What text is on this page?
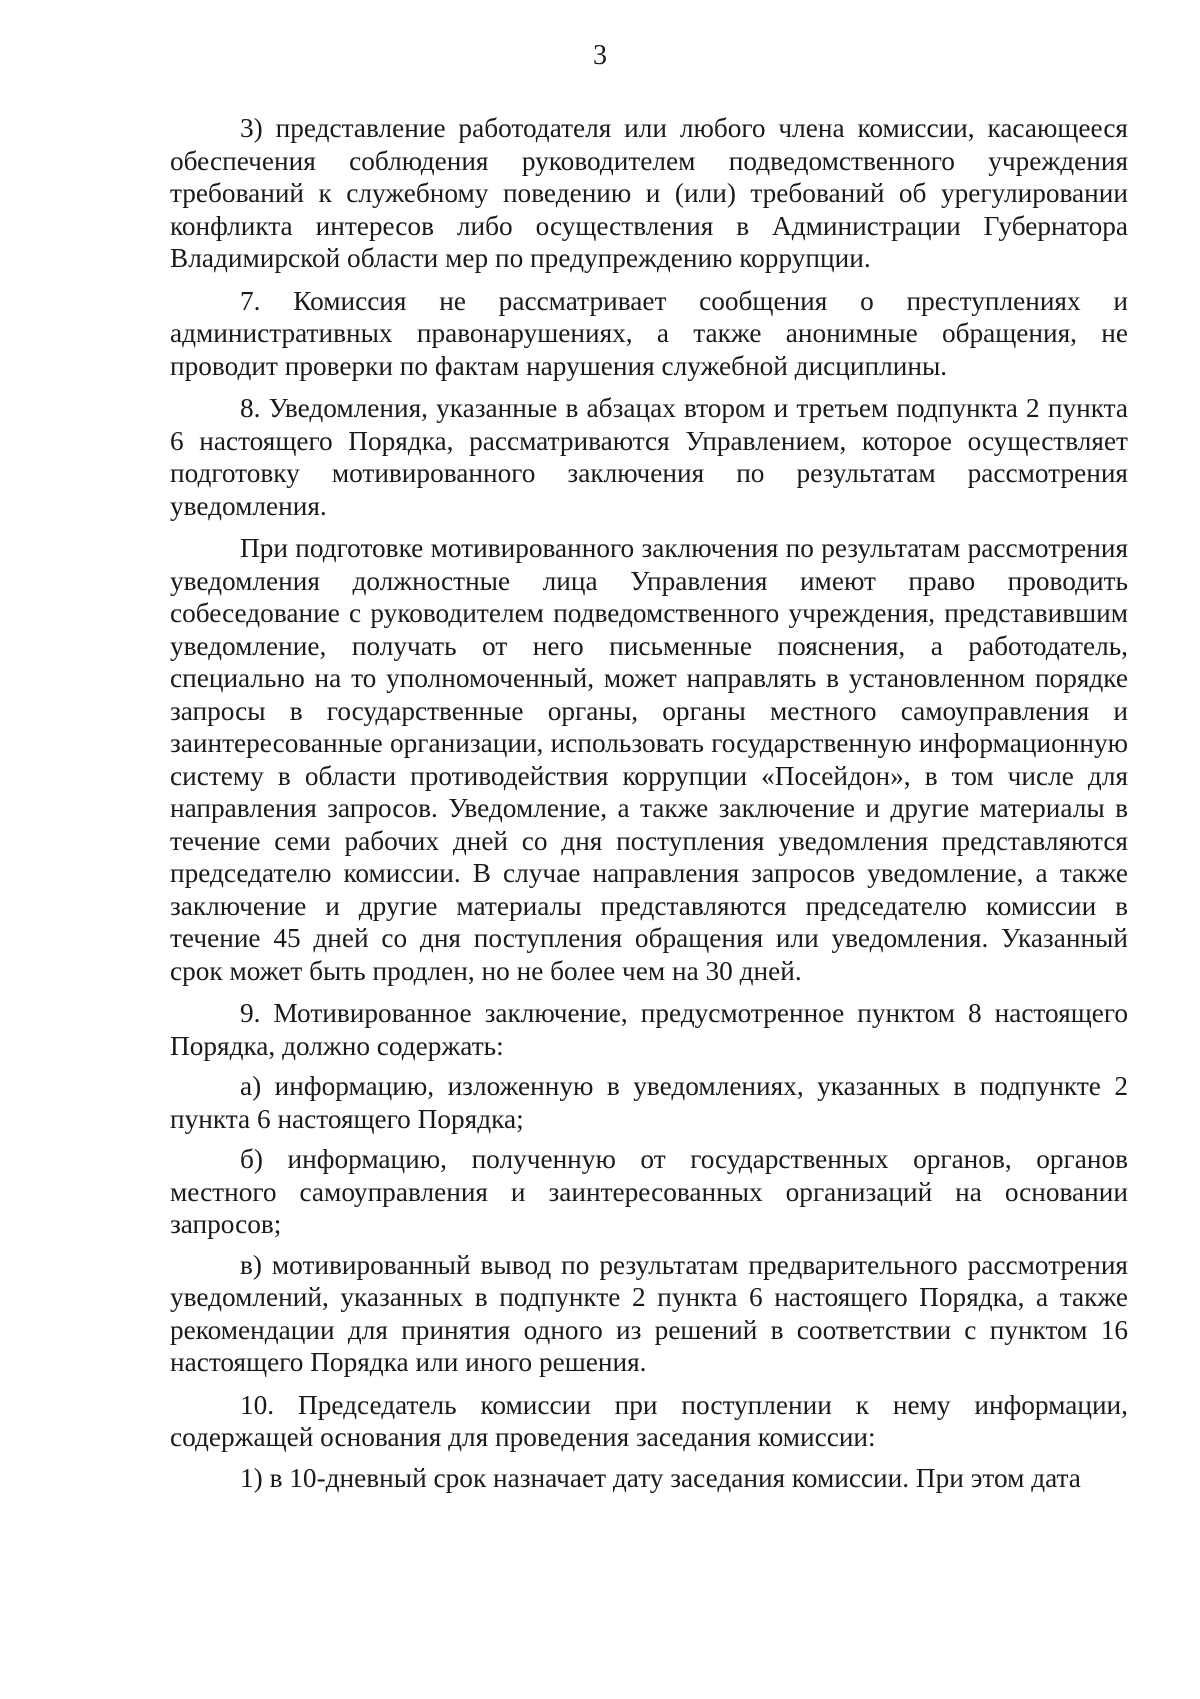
3

3) представление работодателя или любого члена комиссии, касающееся обеспечения соблюдения руководителем подведомственного учреждения требований к служебному поведению и (или) требований об урегулировании конфликта интересов либо осуществления в Администрации Губернатора Владимирской области мер по предупреждению коррупции.

7. Комиссия не рассматривает сообщения о преступлениях и административных правонарушениях, а также анонимные обращения, не проводит проверки по фактам нарушения служебной дисциплины.

8. Уведомления, указанные в абзацах втором и третьем подпункта 2 пункта 6 настоящего Порядка, рассматриваются Управлением, которое осуществляет подготовку мотивированного заключения по результатам рассмотрения уведомления.

При подготовке мотивированного заключения по результатам рассмотрения уведомления должностные лица Управления имеют право проводить собеседование с руководителем подведомственного учреждения, представившим уведомление, получать от него письменные пояснения, а работодатель, специально на то уполномоченный, может направлять в установленном порядке запросы в государственные органы, органы местного самоуправления и заинтересованные организации, использовать государственную информационную систему в области противодействия коррупции «Посейдон», в том числе для направления запросов. Уведомление, а также заключение и другие материалы в течение семи рабочих дней со дня поступления уведомления представляются председателю комиссии. В случае направления запросов уведомление, а также заключение и другие материалы представляются председателю комиссии в течение 45 дней со дня поступления обращения или уведомления. Указанный срок может быть продлен, но не более чем на 30 дней.

9. Мотивированное заключение, предусмотренное пунктом 8 настоящего Порядка, должно содержать:

а) информацию, изложенную в уведомлениях, указанных в подпункте 2 пункта 6 настоящего Порядка;

б) информацию, полученную от государственных органов, органов местного самоуправления и заинтересованных организаций на основании запросов;

в) мотивированный вывод по результатам предварительного рассмотрения уведомлений, указанных в подпункте 2 пункта 6 настоящего Порядка, а также рекомендации для принятия одного из решений в соответствии с пунктом 16 настоящего Порядка или иного решения.

10. Председатель комиссии при поступлении к нему информации, содержащей основания для проведения заседания комиссии:

1) в 10-дневный срок назначает дату заседания комиссии. При этом дата
